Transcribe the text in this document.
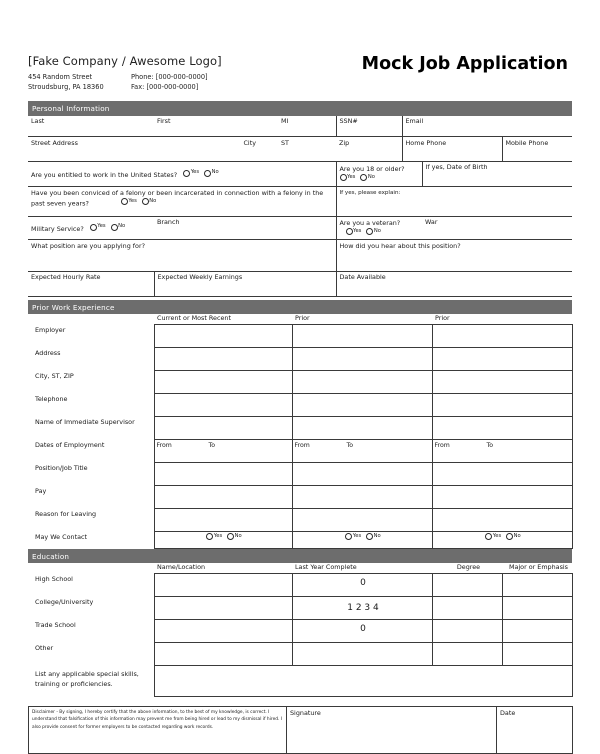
[Fake Company / Awesome Logo]
454 Random Street
Stroudsburg, PA 18360
Phone: [000-000-0000]
Fax: [000-000-0000]
Mock Job Application
Personal Information
Last	First	MI	SSN#	Email		
Street Address	City	ST	Zip	Home Phone		Mobile Phone
Are you entitled to work in the United States? Yes No			Are you 18 or older?
Yes No		If yes, Date of Birth	
Have you been conviced of a felony or been incarcerated in connection with a felony in the past seven years? Yes No			If yes, please explain:			
Military Service? Yes No	Branch		Are you a veteran?
Yes No		War	
What position are you applying for?			How did you hear about this position?			
Expected Hourly Rate	Expected Weekly Earnings		Date Available			
Prior Work Experience
	Current or Most Recent	Prior	Prior
Employer			
Address			
City, ST, ZIP			
Telephone			
Name of Immediate Supervisor			
Dates of Employment	From To	From To	From To
Position/Job Title			
Pay			
Reason for Leaving			
May We Contact	Yes No	Yes No	Yes No
Education
	Name/Location	Last Year Complete	Degree	Major or Emphasis
High School		0		
College/University		1 2 3 4		
Trade School		0		
Other				
List any applicable special skills, training or proficiencies.				
Disclaimer - By signing, I hereby certify that the above information, to the best of my knowledge, is correct. I understand that falsification of this information may prevent me from being hired or lead to my dismissal if hired. I also provide consent for former employers to be contacted regarding work records.
	Signature	Date
